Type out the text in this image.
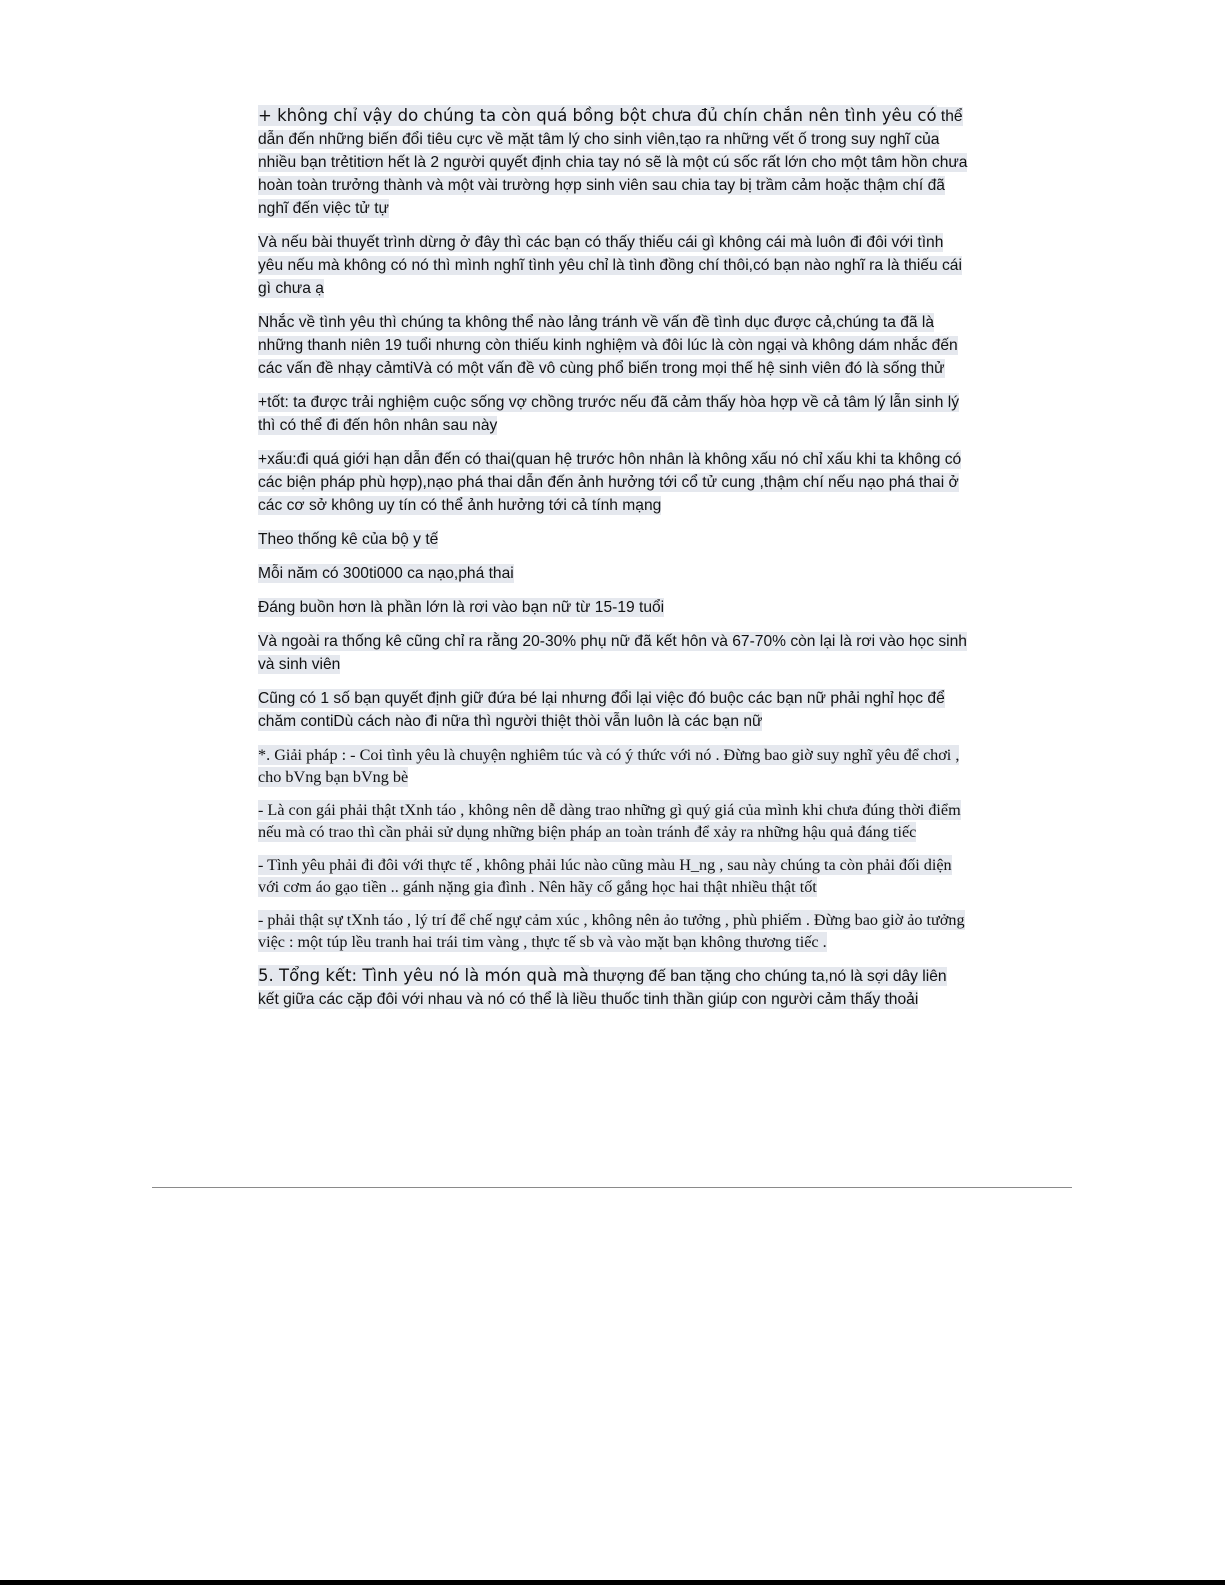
+ không chỉ vậy do chúng ta còn quá bồng bột chưa đủ chín chắn nên tình yêu có thể dẫn đến những biến đổi tiêu cực về mặt tâm lý cho sinh viên,tạo ra những vết ố trong suy nghĩ của nhiều bạn trẻtitiơn hết là 2 người quyết định chia tay nó sẽ là một cú sốc rất lớn cho một tâm hồn chưa hoàn toàn trưởng thành và một vài trường hợp sinh viên sau chia tay bị trầm cảm hoặc thậm chí đã nghĩ đến việc tử tự

Và nếu bài thuyết trình dừng ở đây thì các bạn có thấy thiếu cái gì không cái mà luôn đi đôi với tình yêu nếu mà không có nó thì mình nghĩ tình yêu chỉ là tình đồng chí thôi,có bạn nào nghĩ ra là thiếu cái gì chưa ạ

Nhắc về tình yêu thì chúng ta không thể nào lảng tránh về vấn đề tình dục được cả,chúng ta đã là những thanh niên 19 tuổi nhưng còn thiếu kinh nghiệm và đôi lúc là còn ngại và không dám nhắc đến các vấn đề nhạy cảmtiVà có một vấn đề vô cùng phổ biến trong mọi thế hệ sinh viên đó là sống thử

+tốt: ta được trải nghiệm cuộc sống vợ chồng trước nếu đã cảm thấy hòa hợp về cả tâm lý lẫn sinh lý thì có thể đi đến hôn nhân sau này

+xấu:đi quá giới hạn dẫn đến có thai(quan hệ trước hôn nhân là không xấu nó chỉ xấu khi ta không có các biện pháp phù hợp),nạo phá thai dẫn đến ảnh hưởng tới cổ tử cung ,thậm chí nếu nạo phá thai ở các cơ sở không uy tín có thể ảnh hưởng tới cả tính mạng

Theo thống kê của bộ y tế

Mỗi năm có 300ti000 ca nạo,phá thai

Đáng buồn hơn là phần lớn là rơi vào bạn nữ từ 15-19 tuổi

Và ngoài ra thống kê cũng chỉ ra rằng 20-30% phụ nữ đã kết hôn và 67-70% còn lại là rơi vào học sinh và sinh viên

Cũng có 1 số bạn quyết định giữ đứa bé lại nhưng đổi lại việc đó buộc các bạn nữ phải nghỉ học để chăm contiDù cách nào đi nữa thì người thiệt thòi vẫn luôn là các bạn nữ

*. Giải pháp : - Coi tình yêu là chuyện nghiêm túc và có ý thức với nó . Đừng bao giờ suy nghĩ yêu để chơi , cho bVng bạn bVng bè

- Là con gái phải thật tXnh táo , không nên dễ dàng trao những gì quý giá của mình khi chưa đúng thời điểm nếu mà có trao thì cần phải sử dụng những biện pháp an toàn tránh để xảy ra những hậu quả đáng tiếc

- Tình yêu phải đi đôi với thực tế , không phải lúc nào cũng màu H_ng , sau này chúng ta còn phải đối diện với cơm áo gạo tiền .. gánh nặng gia đình . Nên hãy cố gắng học hai thật nhiều thật tốt

- phải thật sự tXnh táo , lý trí để chế ngự cảm xúc , không nên ảo tưởng , phù phiếm . Đừng bao giờ ảo tưởng việc : một túp lều tranh hai trái tim vàng , thực tế sb và vào mặt bạn không thương tiếc .

5. Tổng kết: Tình yêu nó là món quà mà thượng đế ban tặng cho chúng ta,nó là sợi dây liên kết giữa các cặp đôi với nhau và nó có thể là liều thuốc tinh thần giúp con người cảm thấy thoải
